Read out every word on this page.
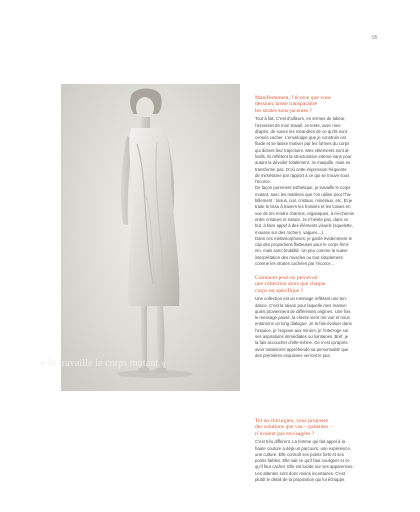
95
« Je travaille le corps mutant »
Manifestement, l’écorce que vous
dessinez laisse transparaître
les strates sous-jacentes ?
Tout à fait. C’est d’ailleurs, en termes de labeur,
l’essentiel de mon travail. Je tente, avec mes
drapés, de suivre les méandres de ce qu’ils sont
censés cacher. L’enveloppe que je construis est
fluide et se laisse motiver par les formes du corps
qui dictent leur trajectoire. Mes vêtements sont al-
lusifs, ils reflètent la structuration interne sans pour
autant la dévoiler totalement. Je maquille, mais ne
transforme pas. D’où cette impression fréquente
de mimétisme par rapport à ce qui se trouve sous
l’écorce.
De façon purement esthétique, je travaille le corps
mutant, avec les matières que l’on utilise pour l’ha-
billement : tissus, cuir, cristaux, minéraux, etc. Et je
traite le tissu à travers les froissés et les losses en
vue de les rendre charnus, organiques, à mi-chemin
entre créature et nature. Je n’hésite pas, dans ce
but, à faire appel à des éléments visuels (squelette,
mousse sur des rochers, vagues…).
Dans ces métamorphoses, je garde évidemment le
cap des proportions flatteuses pour le corps fémi-
nin, mais sans brutalité. Un peu comme la suave
interprétation des muscles ou tout simplement
comme les strates cachées par l’écorce…
Comment peut-on percevoir
une collection alors que chaque
corps est spécifique ?
Une collection est un message reflétant une ten-
dance. C’est la raison pour laquelle mes manne-
quins proviennent de différentes origines. Une fois
le message passé, la cliente vient me voir et nous
entamons un long dialogue. Je la fais évoluer dans
l’espace, je l’expose aux miroirs, je l’interroge sur
ses aspirations immédiates ou lointaines. Bref, je
la fais accoucher d’elle-même. Ce n’est qu’après
avoir totalement appréhendé sa personnalité que
des premières esquisses verront le jour.
Tel un chirurgien, vous proposez
des solutions que vos – patientes –
n’avaient pas envisagées ?
C’est très différent. La femme qui fait appel à la
haute couture a déjà un parcours, une expérience,
une culture. Elle connaît ses points forts et ses
points faibles. Elle sait ce qu’il faut souligner et ce
qu’il faut cacher. Elle est lucide sur ses apparences.
Les attentes sont donc moins incertaines. C’est
plutôt le détail de la proposition qui lui échappe.
